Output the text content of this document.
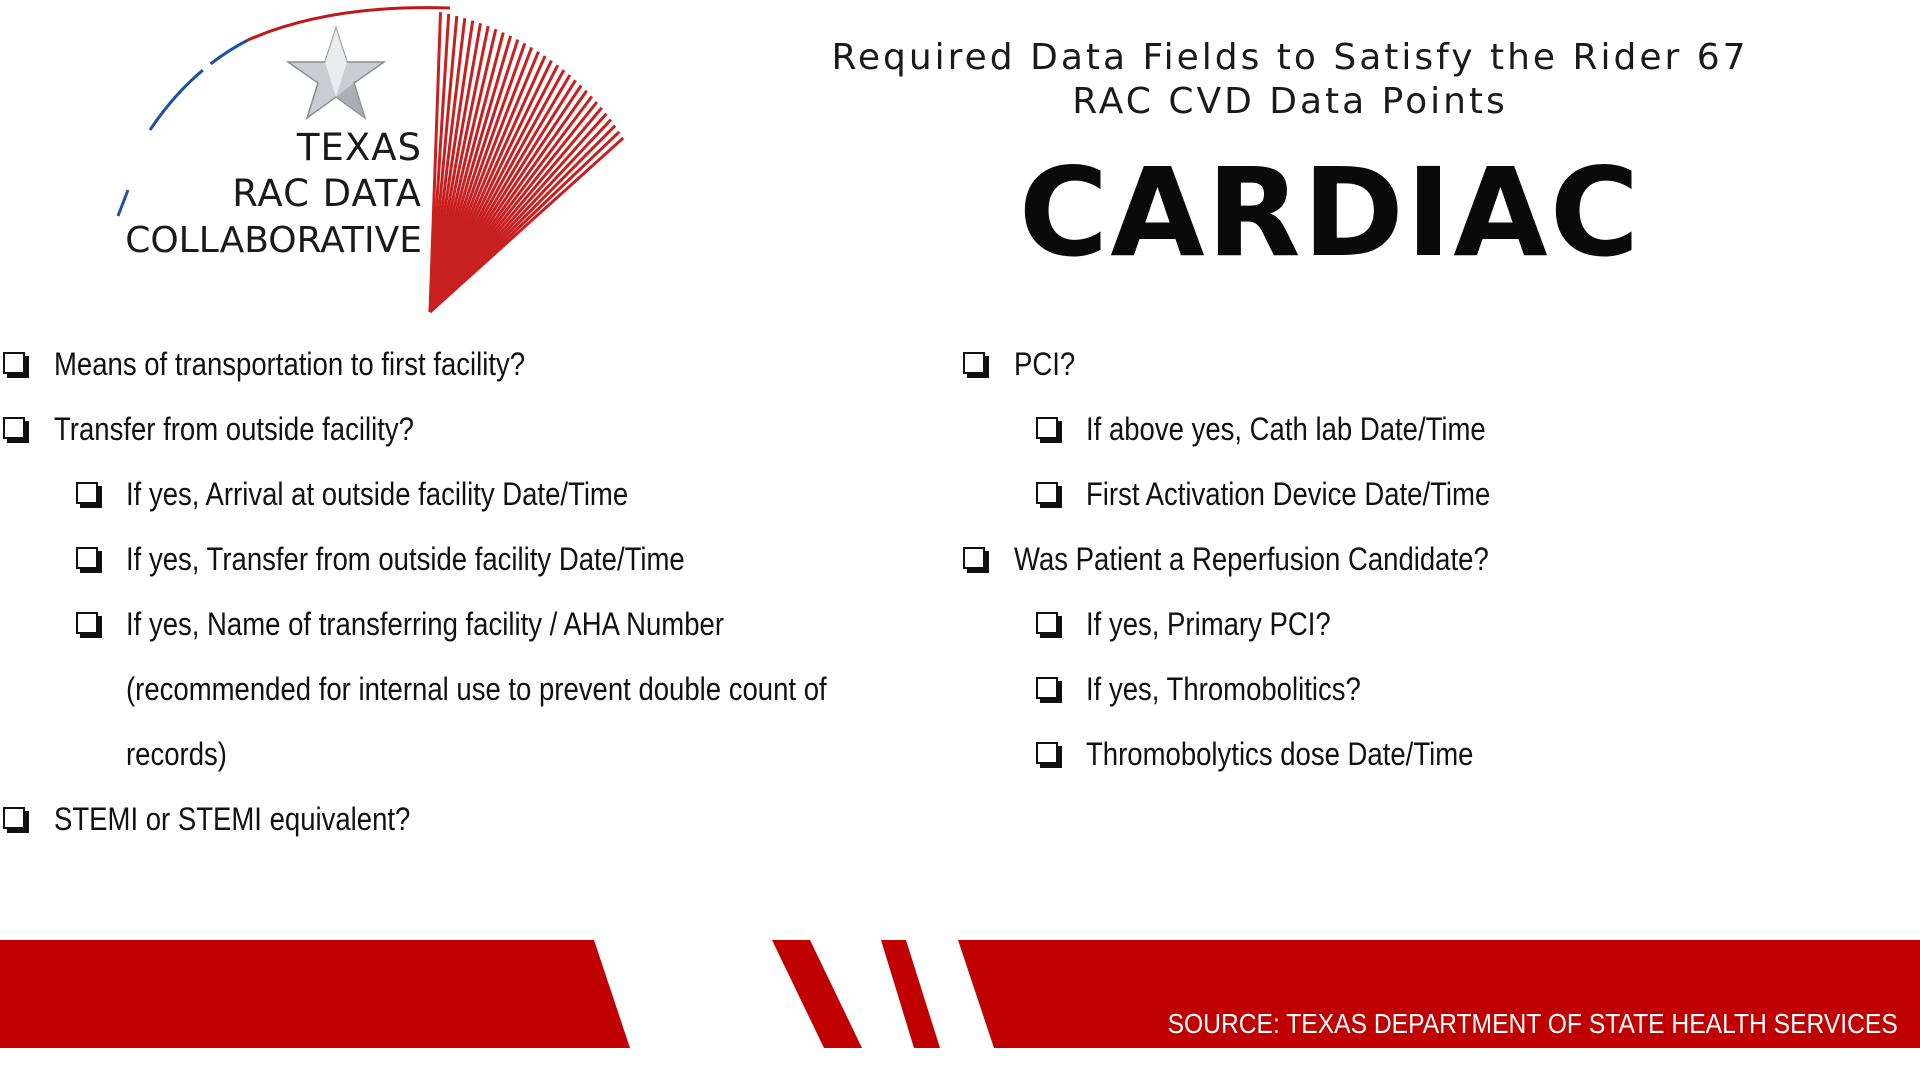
TEXAS
RAC DATA
COLLABORATIVE
Required Data Fields to Satisfy the Rider 67
RAC CVD Data Points
CARDIAC
Means of transportation to first facility?
Transfer from outside facility?
If yes, Arrival at outside facility Date/Time
If yes, Transfer from outside facility Date/Time
If yes, Name of transferring facility / AHA Number
(recommended for internal use to prevent double count of
records)
STEMI or STEMI equivalent?
PCI?
If above yes, Cath lab Date/Time
First Activation Device Date/Time
Was Patient a Reperfusion Candidate?
If yes, Primary PCI?
If yes, Thromobolitics?
Thromobolytics dose Date/Time
SOURCE: TEXAS DEPARTMENT OF STATE HEALTH SERVICES
